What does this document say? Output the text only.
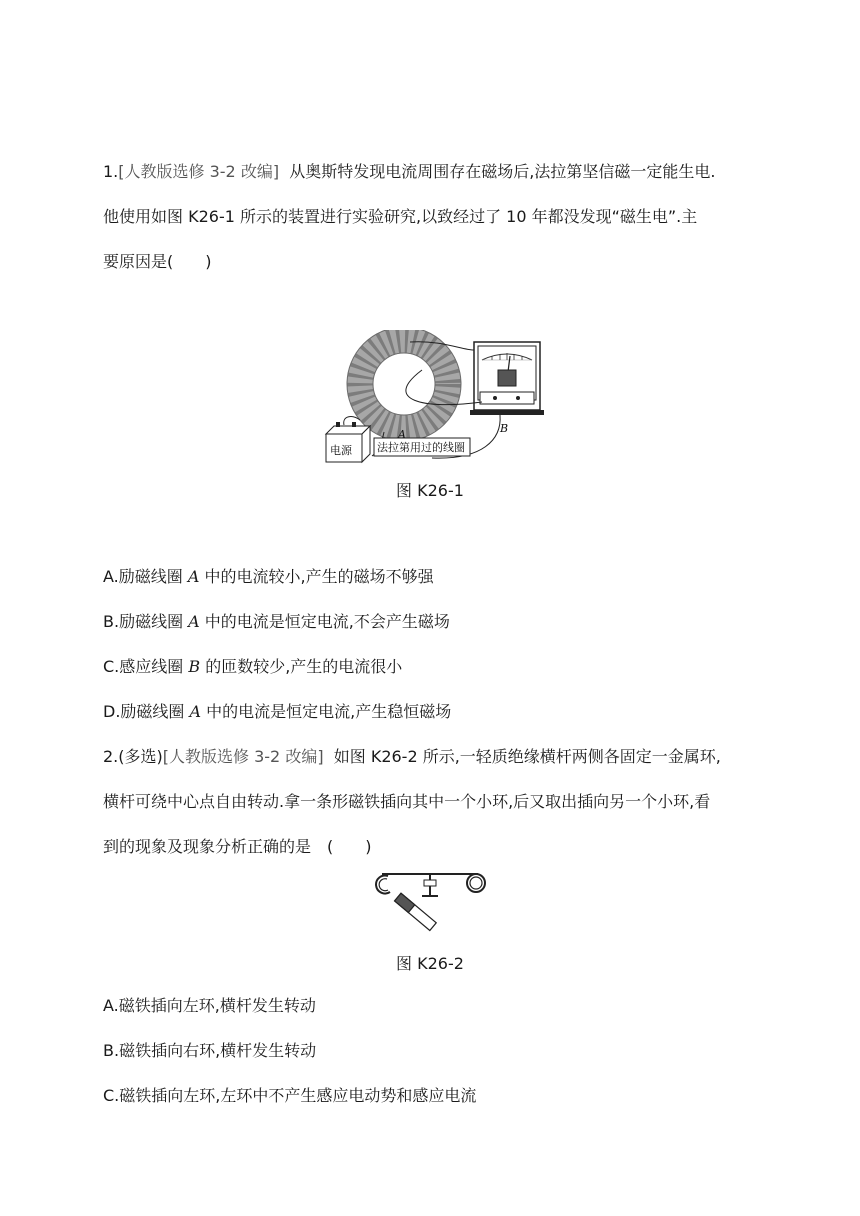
1.[人教版选修 3-2 改编] 从奥斯特发现电流周围存在磁场后,法拉第坚信磁一定能生电.
他使用如图 K26-1 所示的装置进行实验研究,以致经过了 10 年都没发现“磁生电”.主
要原因是(　　)
电源 法拉第用过的线圈
A	B
图 K26-1
A.励磁线圈 A 中的电流较小,产生的磁场不够强
B.励磁线圈 A 中的电流是恒定电流,不会产生磁场
C.感应线圈 B 的匝数较少,产生的电流很小
D.励磁线圈 A 中的电流是恒定电流,产生稳恒磁场
2.(多选)[人教版选修 3-2 改编] 如图 K26-2 所示,一轻质绝缘横杆两侧各固定一金属环,
横杆可绕中心点自由转动.拿一条形磁铁插向其中一个小环,后又取出插向另一个小环,看
到的现象及现象分析正确的是　(　　)
图 K26-2
A.磁铁插向左环,横杆发生转动
B.磁铁插向右环,横杆发生转动
C.磁铁插向左环,左环中不产生感应电动势和感应电流
